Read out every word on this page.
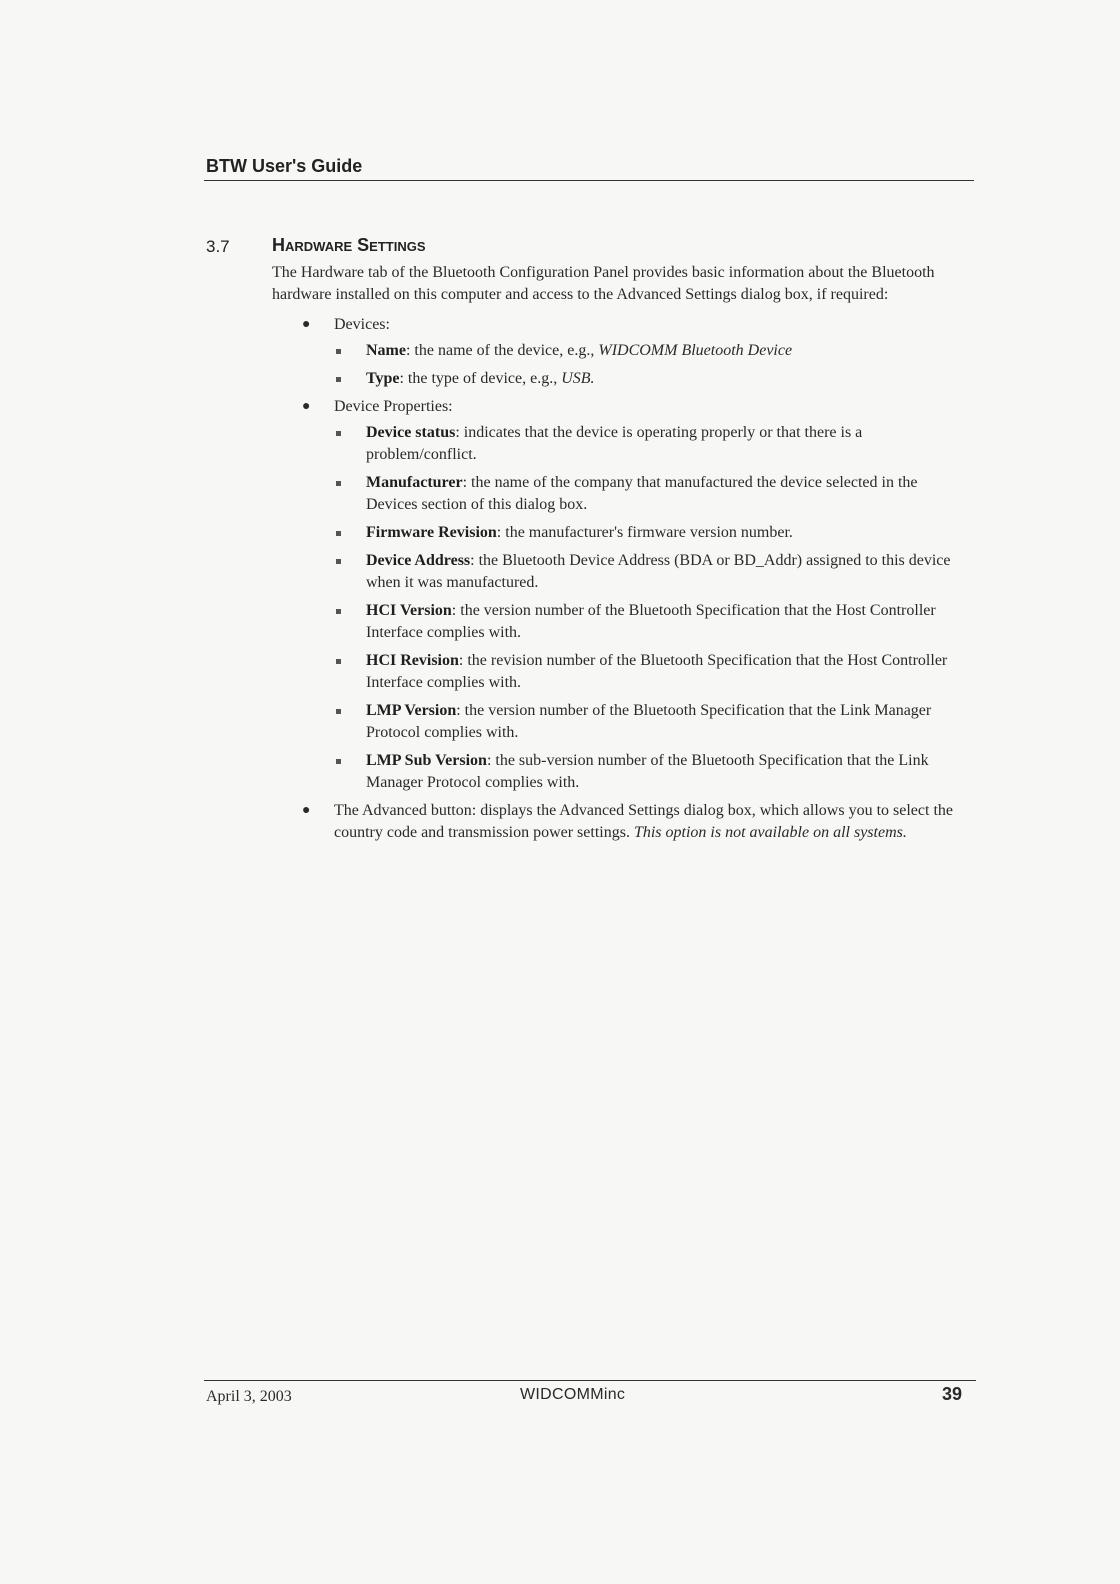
BTW User's Guide
3.7 Hardware Settings

The Hardware tab of the Bluetooth Configuration Panel provides basic information about the Bluetooth hardware installed on this computer and access to the Advanced Settings dialog box, if required:

● Devices:
Name: the name of the device, e.g., WIDCOMM Bluetooth Device
Type: the type of device, e.g., USB.
● Device Properties:
Device status: indicates that the device is operating properly or that there is a problem/conflict.
Manufacturer: the name of the company that manufactured the device selected in the Devices section of this dialog box.
Firmware Revision: the manufacturer's firmware version number.
Device Address: the Bluetooth Device Address (BDA or BD_Addr) assigned to this device when it was manufactured.
HCI Version: the version number of the Bluetooth Specification that the Host Controller Interface complies with.
HCI Revision: the revision number of the Bluetooth Specification that the Host Controller Interface complies with.
LMP Version: the version number of the Bluetooth Specification that the Link Manager Protocol complies with.
LMP Sub Version: the sub-version number of the Bluetooth Specification that the Link Manager Protocol complies with.
● The Advanced button: displays the Advanced Settings dialog box, which allows you to select the country code and transmission power settings. This option is not available on all systems.
April 3, 2003	WIDCOMMinc	39
